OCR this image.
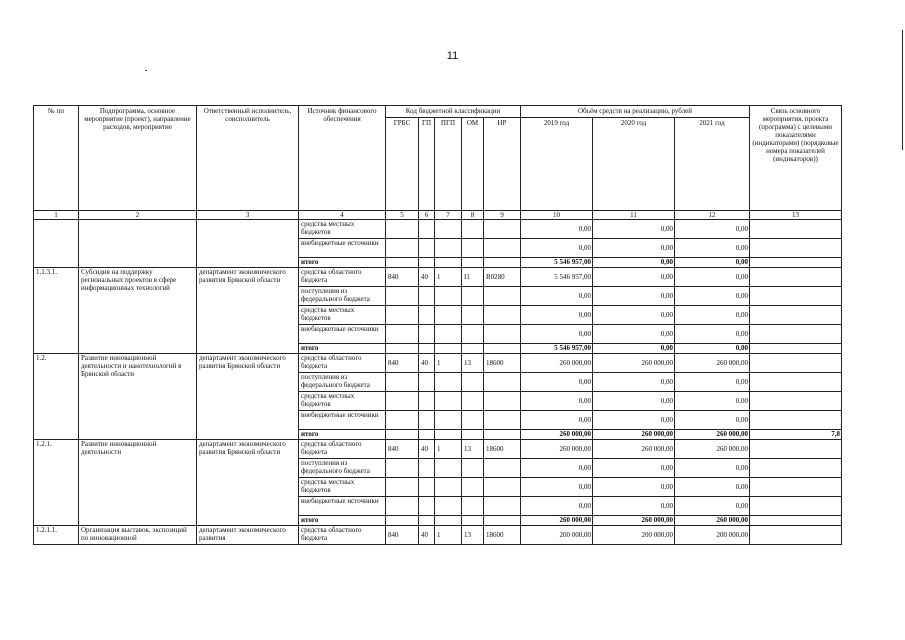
11
№ пп	Подпрограмма, основное мероприятие (проект), направление расходов, мероприятие	Ответственный исполнитель, соисполнитель	Источник финансового обеспечения	Код бюджетной классификации					Объём средств на реализацию, рублей			Связь основного мероприятия, проекта (программа) с целевыми показателями (индикаторами) (порядковые номера показателей (индикаторов))
				ГРБС	ГП	ПГП	ОМ	НР	2019 год	2020 год	2021 год	
1	2	3	4	5	6	7	8	9	10	11	12	13
			средства местных бюджетов						0,00	0,00	0,00	
			внебюджетные источники						0,00	0,00	0,00	
			итого						5 546 957,00	0,00	0,00	
1.1.3.1.	Субсидия на поддержку региональных проектов в сфере информационных технологий	департамент экономического развития Брянской области	средства областного бюджета	840	40	1	I1	R0280	5 546 957,00	0,00	0,00	
			поступления из федерального бюджета						0,00	0,00	0,00	
			средства местных бюджетов						0,00	0,00	0,00	
			внебюджетные источники						0,00	0,00	0,00	
			итого						5 546 957,00	0,00	0,00	
1.2.	Развитие инновационной деятельности и нанотехнологий в Брянской области	департамент экономического развития Брянской области	средства областного бюджета	840	40	1	13	18600	260 000,00	260 000,00	260 000,00	
			поступления из федерального бюджета						0,00	0,00	0,00	
			средства местных бюджетов						0,00	0,00	0,00	
			внебюджетные источники						0,00	0,00	0,00	
			итого						260 000,00	260 000,00	260 000,00	7,8
1.2.1.	Развитие инновационной деятельности	департамент экономического развития Брянской области	средства областного бюджета	840	40	1	13	18600	260 000,00	260 000,00	260 000,00	
			поступления из федерального бюджета						0,00	0,00	0,00	
			средства местных бюджетов						0,00	0,00	0,00	
			внебюджетные источники						0,00	0,00	0,00	
			итого						260 000,00	260 000,00	260 000,00	
1.2.1.1.	Организация выставок, экспозиций по инновационной	департамент экономического развития	средства областного бюджета	840	40	1	13	18600	200 000,00	200 000,00	200 000,00	
